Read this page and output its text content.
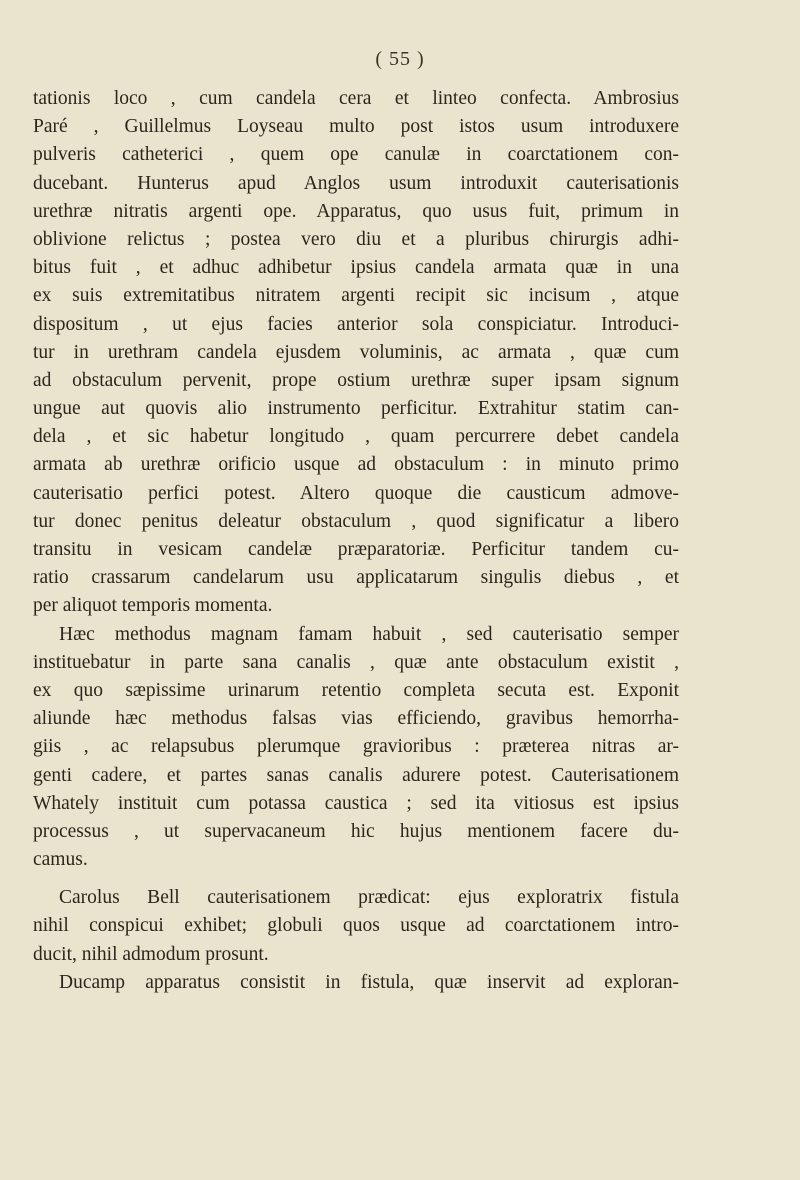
( 55 )
tationis loco , cum candela cera et linteo confecta. Ambrosius
Paré , Guillelmus Loyseau multo post istos usum introduxere
pulveris catheterici , quem ope canulæ in coarctationem con-
ducebant. Hunterus apud Anglos usum introduxit cauterisationis
urethræ nitratis argenti ope. Apparatus, quo usus fuit, primum in
oblivione relictus ; postea vero diu et a pluribus chirurgis adhi-
bitus fuit , et adhuc adhibetur ipsius candela armata quæ in una
ex suis extremitatibus nitratem argenti recipit sic incisum , atque
dispositum , ut ejus facies anterior sola conspiciatur. Introduci-
tur in urethram candela ejusdem voluminis, ac armata , quæ cum
ad obstaculum pervenit, prope ostium urethræ super ipsam signum
ungue aut quovis alio instrumento perficitur. Extrahitur statim can-
dela , et sic habetur longitudo , quam percurrere debet candela
armata ab urethræ orificio usque ad obstaculum : in minuto primo
cauterisatio perfici potest. Altero quoque die causticum admove-
tur donec penitus deleatur obstaculum , quod significatur a libero
transitu in vesicam candelæ præparatoriæ. Perficitur tandem cu-
ratio crassarum candelarum usu applicatarum singulis diebus , et
per aliquot temporis momenta.
Hæc methodus magnam famam habuit , sed cauterisatio semper
instituebatur in parte sana canalis , quæ ante obstaculum existit ,
ex quo sæpissime urinarum retentio completa secuta est. Exponit
aliunde hæc methodus falsas vias efficiendo, gravibus hemorrha-
giis , ac relapsubus plerumque gravioribus : præterea nitras ar-
genti cadere, et partes sanas canalis adurere potest. Cauterisationem
Whately instituit cum potassa caustica ; sed ita vitiosus est ipsius
processus , ut supervacaneum hic hujus mentionem facere du-
camus.
Carolus Bell cauterisationem prædicat: ejus exploratrix fistula
nihil conspicui exhibet; globuli quos usque ad coarctationem intro-
ducit, nihil admodum prosunt.
Ducamp apparatus consistit in fistula, quæ inservit ad exploran-
